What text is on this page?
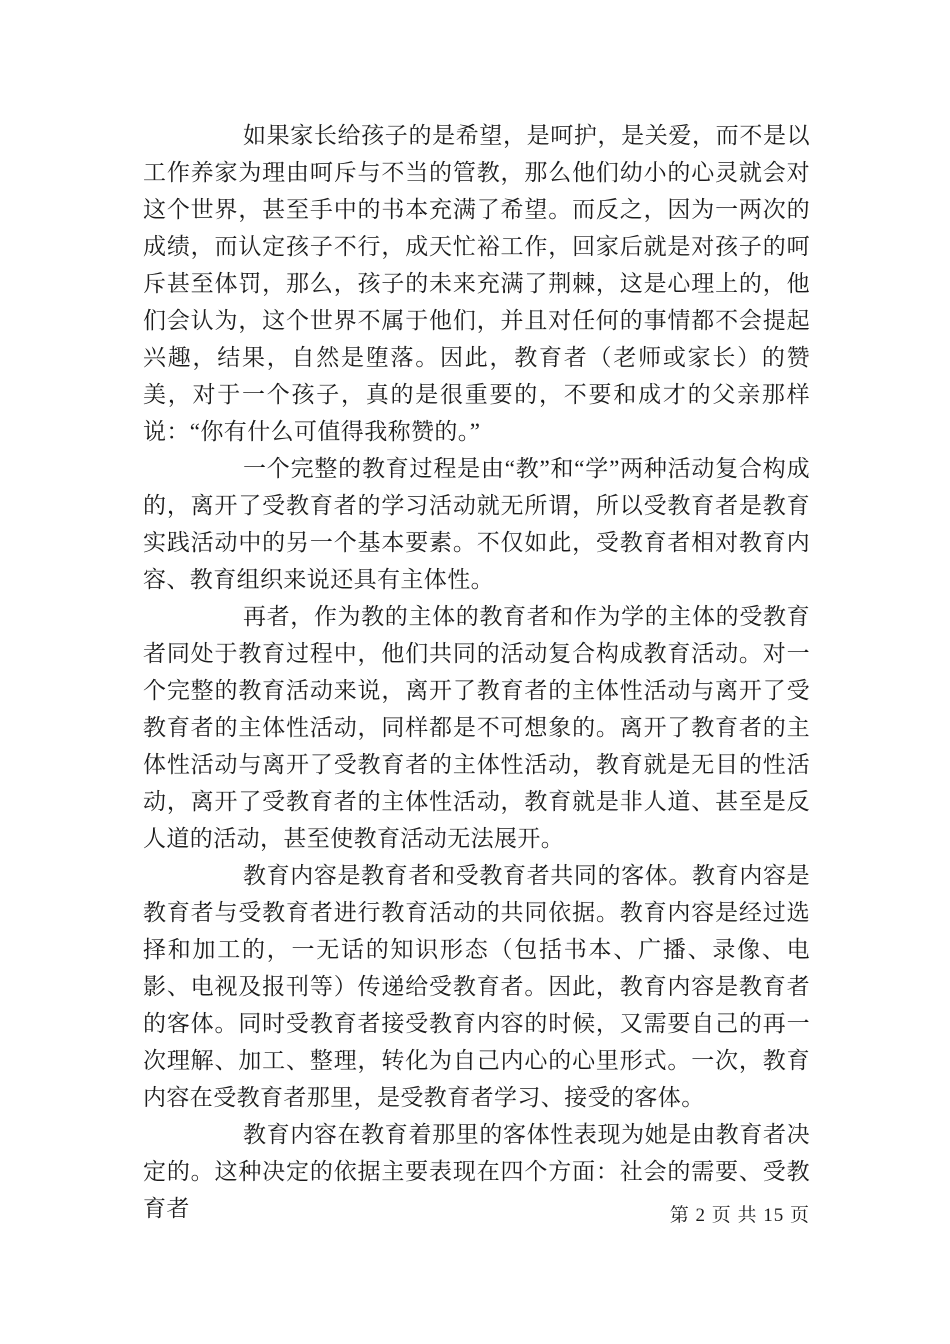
如果家长给孩子的是希望，是呵护，是关爱，而不是以工作养家为理由呵斥与不当的管教，那么他们幼小的心灵就会对这个世界，甚至手中的书本充满了希望。而反之，因为一两次的成绩，而认定孩子不行，成天忙裕工作，回家后就是对孩子的呵斥甚至体罚，那么，孩子的未来充满了荆棘，这是心理上的，他们会认为，这个世界不属于他们，并且对任何的事情都不会提起兴趣，结果，自然是堕落。因此，教育者（老师或家长）的赞美，对于一个孩子，真的是很重要的，不要和成才的父亲那样说：“你有什么可值得我称赞的。”

一个完整的教育过程是由“教”和“学”两种活动复合构成的，离开了受教育者的学习活动就无所谓，所以受教育者是教育实践活动中的另一个基本要素。不仅如此，受教育者相对教育内容、教育组织来说还具有主体性。

再者，作为教的主体的教育者和作为学的主体的受教育者同处于教育过程中，他们共同的活动复合构成教育活动。对一个完整的教育活动来说，离开了教育者的主体性活动与离开了受教育者的主体性活动，同样都是不可想象的。离开了教育者的主体性活动与离开了受教育者的主体性活动，教育就是无目的性活动，离开了受教育者的主体性活动，教育就是非人道、甚至是反人道的活动，甚至使教育活动无法展开。

教育内容是教育者和受教育者共同的客体。教育内容是教育者与受教育者进行教育活动的共同依据。教育内容是经过选择和加工的，一无话的知识形态（包括书本、广播、录像、电影、电视及报刊等）传递给受教育者。因此，教育内容是教育者的客体。同时受教育者接受教育内容的时候，又需要自己的再一次理解、加工、整理，转化为自己内心的心里形式。一次，教育内容在受教育者那里，是受教育者学习、接受的客体。

教育内容在教育着那里的客体性表现为她是由教育者决定的。这种决定的依据主要表现在四个方面：社会的需要、受教育者	第 2 页 共 15 页
